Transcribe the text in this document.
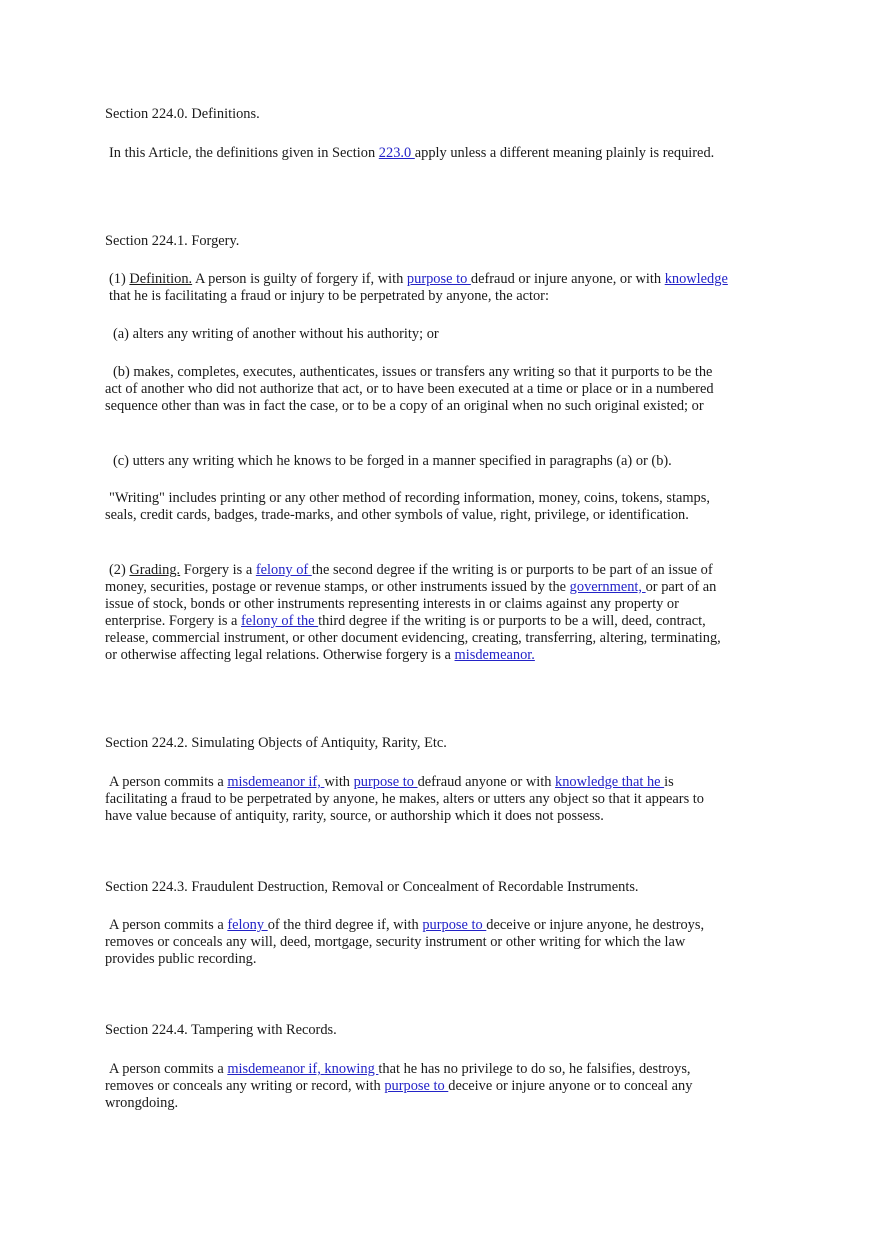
Section 224.0. Definitions.

In this Article, the definitions given in Section 223.0 apply unless a different meaning plainly is required.

Section 224.1. Forgery.

(1) Definition. A person is guilty of forgery if, with purpose to defraud or injure anyone, or with knowledge that he is facilitating a fraud or injury to be perpetrated by anyone, the actor:

(a) alters any writing of another without his authority; or

(b) makes, completes, executes, authenticates, issues or transfers any writing so that it purports to be the act of another who did not authorize that act, or to have been executed at a time or place or in a numbered sequence other than was in fact the case, or to be a copy of an original when no such original existed; or

(c) utters any writing which he knows to be forged in a manner specified in paragraphs (a) or (b).

"Writing" includes printing or any other method of recording information, money, coins, tokens, stamps, seals, credit cards, badges, trade-marks, and other symbols of value, right, privilege, or identification.

(2) Grading. Forgery is a felony of the second degree if the writing is or purports to be part of an issue of money, securities, postage or revenue stamps, or other instruments issued by the government, or part of an issue of stock, bonds or other instruments representing interests in or claims against any property or enterprise. Forgery is a felony of the third degree if the writing is or purports to be a will, deed, contract, release, commercial instrument, or other document evidencing, creating, transferring, altering, terminating, or otherwise affecting legal relations. Otherwise forgery is a misdemeanor.

Section 224.2. Simulating Objects of Antiquity, Rarity, Etc.

A person commits a misdemeanor if, with purpose to defraud anyone or with knowledge that he is facilitating a fraud to be perpetrated by anyone, he makes, alters or utters any object so that it appears to have value because of antiquity, rarity, source, or authorship which it does not possess.

Section 224.3. Fraudulent Destruction, Removal or Concealment of Recordable Instruments.

A person commits a felony of the third degree if, with purpose to deceive or injure anyone, he destroys, removes or conceals any will, deed, mortgage, security instrument or other writing for which the law provides public recording.

Section 224.4. Tampering with Records.

A person commits a misdemeanor if, knowing that he has no privilege to do so, he falsifies, destroys, removes or conceals any writing or record, with purpose to deceive or injure anyone or to conceal any wrongdoing.
